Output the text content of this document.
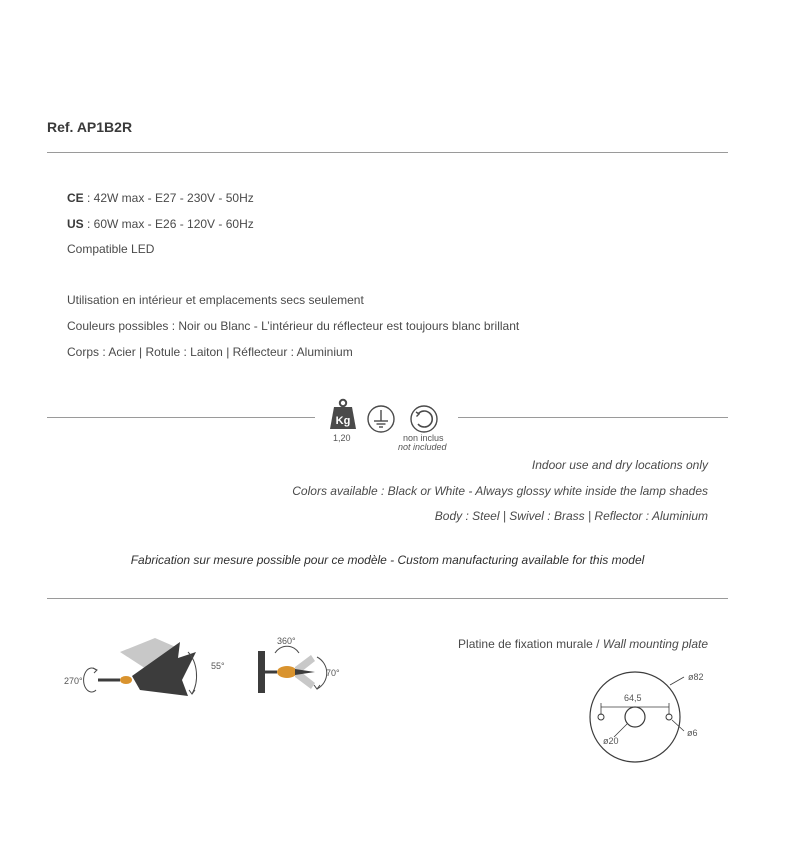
Ref. AP1B2R
CE : 42W max - E27 - 230V - 50Hz
US : 60W max - E26 - 120V - 60Hz
Compatible LED
Utilisation en intérieur et emplacements secs seulement
Couleurs possibles : Noir ou Blanc - L’intérieur du réflecteur est toujours blanc brillant
Corps : Acier | Rotule : Laiton | Réflecteur : Aluminium
Kg
1,20	non inclus
not included
Indoor use and dry locations only
Colors available : Black or White - Always glossy white inside the lamp shades
Body : Steel | Swivel : Brass | Reflector : Aluminium
Fabrication sur mesure possible pour ce modèle - Custom manufacturing available for this model
270°
55°
360°
70°
Platine de fixation murale / Wall mounting plate
ø82
64,5
ø6
ø20
